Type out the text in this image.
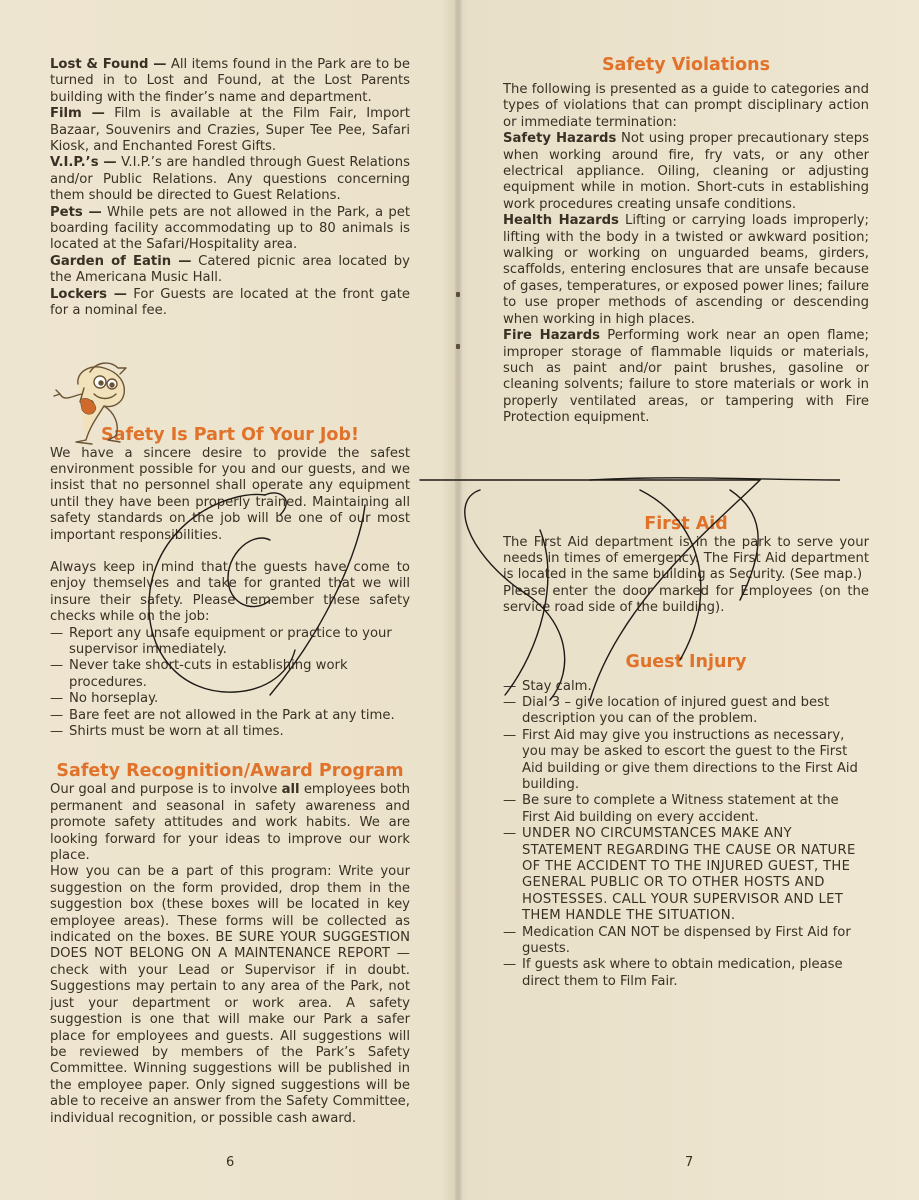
Lost & Found — All items found in the Park are to be turned in to Lost and Found, at the Lost Parents building with the finder’s name and department.

Film — Film is available at the Film Fair, Import Bazaar, Souvenirs and Crazies, Super Tee Pee, Safari Kiosk, and Enchanted Forest Gifts.

V.I.P.’s — V.I.P.’s are handled through Guest Relations and/or Public Relations. Any questions concerning them should be directed to Guest Relations.

Pets — While pets are not allowed in the Park, a pet boarding facility accommodating up to 80 animals is located at the Safari/Hospitality area.

Garden of Eatin — Catered picnic area located by the Americana Music Hall.

Lockers — For Guests are located at the front gate for a nominal fee.

Safety Is Part Of Your Job!

We have a sincere desire to provide the safest environment possible for you and our guests, and we insist that no personnel shall operate any equipment until they have been properly trained. Maintaining all safety standards on the job will be one of our most important responsibilities.

Always keep in mind that the guests have come to enjoy themselves and take for granted that we will insure their safety. Please remember these safety checks while on the job:

— Report any unsafe equipment or practice to your supervisor immediately.
— Never take short-cuts in establishing work procedures.
— No horseplay.
— Bare feet are not allowed in the Park at any time.
— Shirts must be worn at all times.
Safety Recognition/Award Program

Our goal and purpose is to involve all employees both permanent and seasonal in safety awareness and promote safety attitudes and work habits. We are looking forward for your ideas to improve our work place.

How you can be a part of this program: Write your suggestion on the form provided, drop them in the suggestion box (these boxes will be located in key employee areas). These forms will be collected as indicated on the boxes. BE SURE YOUR SUGGESTION DOES NOT BELONG ON A MAINTENANCE REPORT — check with your Lead or Supervisor if in doubt. Suggestions may pertain to any area of the Park, not just your department or work area. A safety suggestion is one that will make our Park a safer place for employees and guests. All suggestions will be reviewed by members of the Park’s Safety Committee. Winning suggestions will be published in the employee paper. Only signed suggestions will be able to receive an answer from the Safety Committee, individual recognition, or possible cash award.

6
Safety Violations

The following is presented as a guide to categories and types of violations that can prompt disciplinary action or immediate termination:

Safety Hazards Not using proper precautionary steps when working around fire, fry vats, or any other electrical appliance. Oiling, cleaning or adjusting equipment while in motion. Short-cuts in establishing work procedures creating unsafe conditions.

Health Hazards Lifting or carrying loads improperly; lifting with the body in a twisted or awkward position; walking or working on unguarded beams, girders, scaffolds, entering enclosures that are unsafe because of gases, temperatures, or exposed power lines; failure to use proper methods of ascending or descending when working in high places.

Fire Hazards Performing work near an open flame; improper storage of flammable liquids or materials, such as paint and/or paint brushes, gasoline or cleaning solvents; failure to store materials or work in properly ventilated areas, or tampering with Fire Protection equipment.

First Aid

The First Aid department is in the park to serve your needs in times of emergency. The First Aid department is located in the same building as Security. (See map.)

Please enter the door marked for Employees (on the service road side of the building).

Guest Injury
— Stay calm.
— Dial 3 – give location of injured guest and best description you can of the problem.
— First Aid may give you instructions as necessary, you may be asked to escort the guest to the First Aid building or give them directions to the First Aid building.
— Be sure to complete a Witness statement at the First Aid building on every accident.
— UNDER NO CIRCUMSTANCES MAKE ANY STATEMENT REGARDING THE CAUSE OR NATURE OF THE ACCIDENT TO THE INJURED GUEST, THE GENERAL PUBLIC OR TO OTHER HOSTS AND HOSTESSES. CALL YOUR SUPERVISOR AND LET THEM HANDLE THE SITUATION.
— Medication CAN NOT be dispensed by First Aid for guests.
— If guests ask where to obtain medication, please direct them to Film Fair.
7
